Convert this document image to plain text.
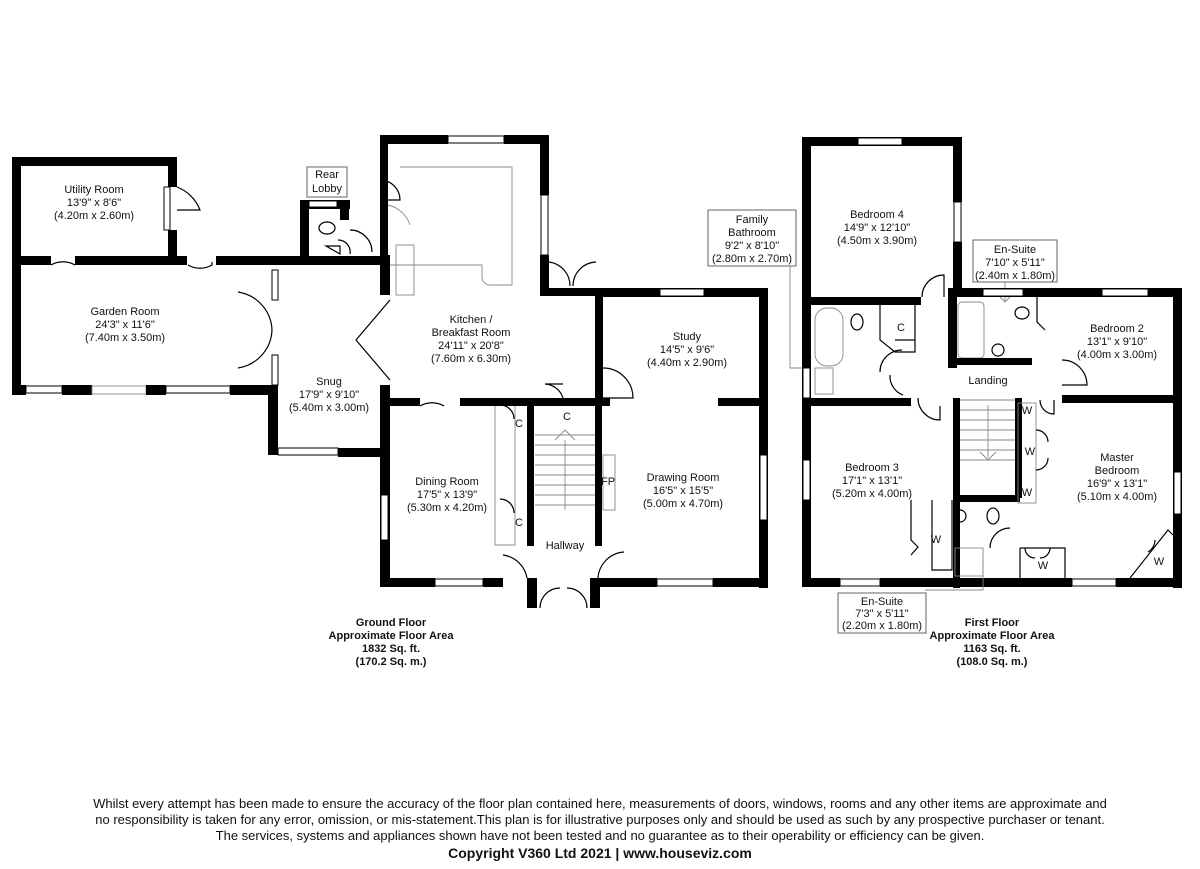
Rear
Lobby
Utility Room
13'9" x 8'6"
(4.20m x 2.60m)
Garden Room
24'3" x 11'6"
(7.40m x 3.50m)
Snug
17'9" x 9'10"
(5.40m x 3.00m)
Kitchen /
Breakfast Room
24'11" x 20'8"
(7.60m x 6.30m)
Study
14'5" x 9'6"
(4.40m x 2.90m)
Dining Room
17'5" x 13'9"
(5.30m x 4.20m)
Drawing Room
16'5" x 15'5"
(5.00m x 4.70m)
Hallway
C
C
C
FP
Ground Floor
Approximate Floor Area
1832 Sq. ft.
(170.2 Sq. m.)
Family
Bathroom
9'2" x 8'10"
(2.80m x 2.70m)
C
En-Suite
7'10" x 5'11"
(2.40m x 1.80m)
W
En-Suite
7'3" x 5'11"
(2.20m x 1.80m)
W
W
W
W	W
Bedroom 4
14'9" x 12'10"
(4.50m x 3.90m)
Bedroom 2
13'1" x 9'10"
(4.00m x 3.00m)
Landing
Bedroom 3
17'1" x 13'1"
(5.20m x 4.00m)
Master
Bedroom
16'9" x 13'1"
(5.10m x 4.00m)
First Floor
Approximate Floor Area
1163 Sq. ft.
(108.0 Sq. m.)

Whilst every attempt has been made to ensure the accuracy of the floor plan contained here, measurements of doors, windows, rooms and any other items are approximate and

no responsibility is taken for any error, omission, or mis-statement.This plan is for illustrative purposes only and should be used as such by any prospective purchaser or tenant.

The services, systems and appliances shown have not been tested and no guarantee as to their operability or efficiency can be given.

Copyright V360 Ltd 2021 | www.houseviz.com
